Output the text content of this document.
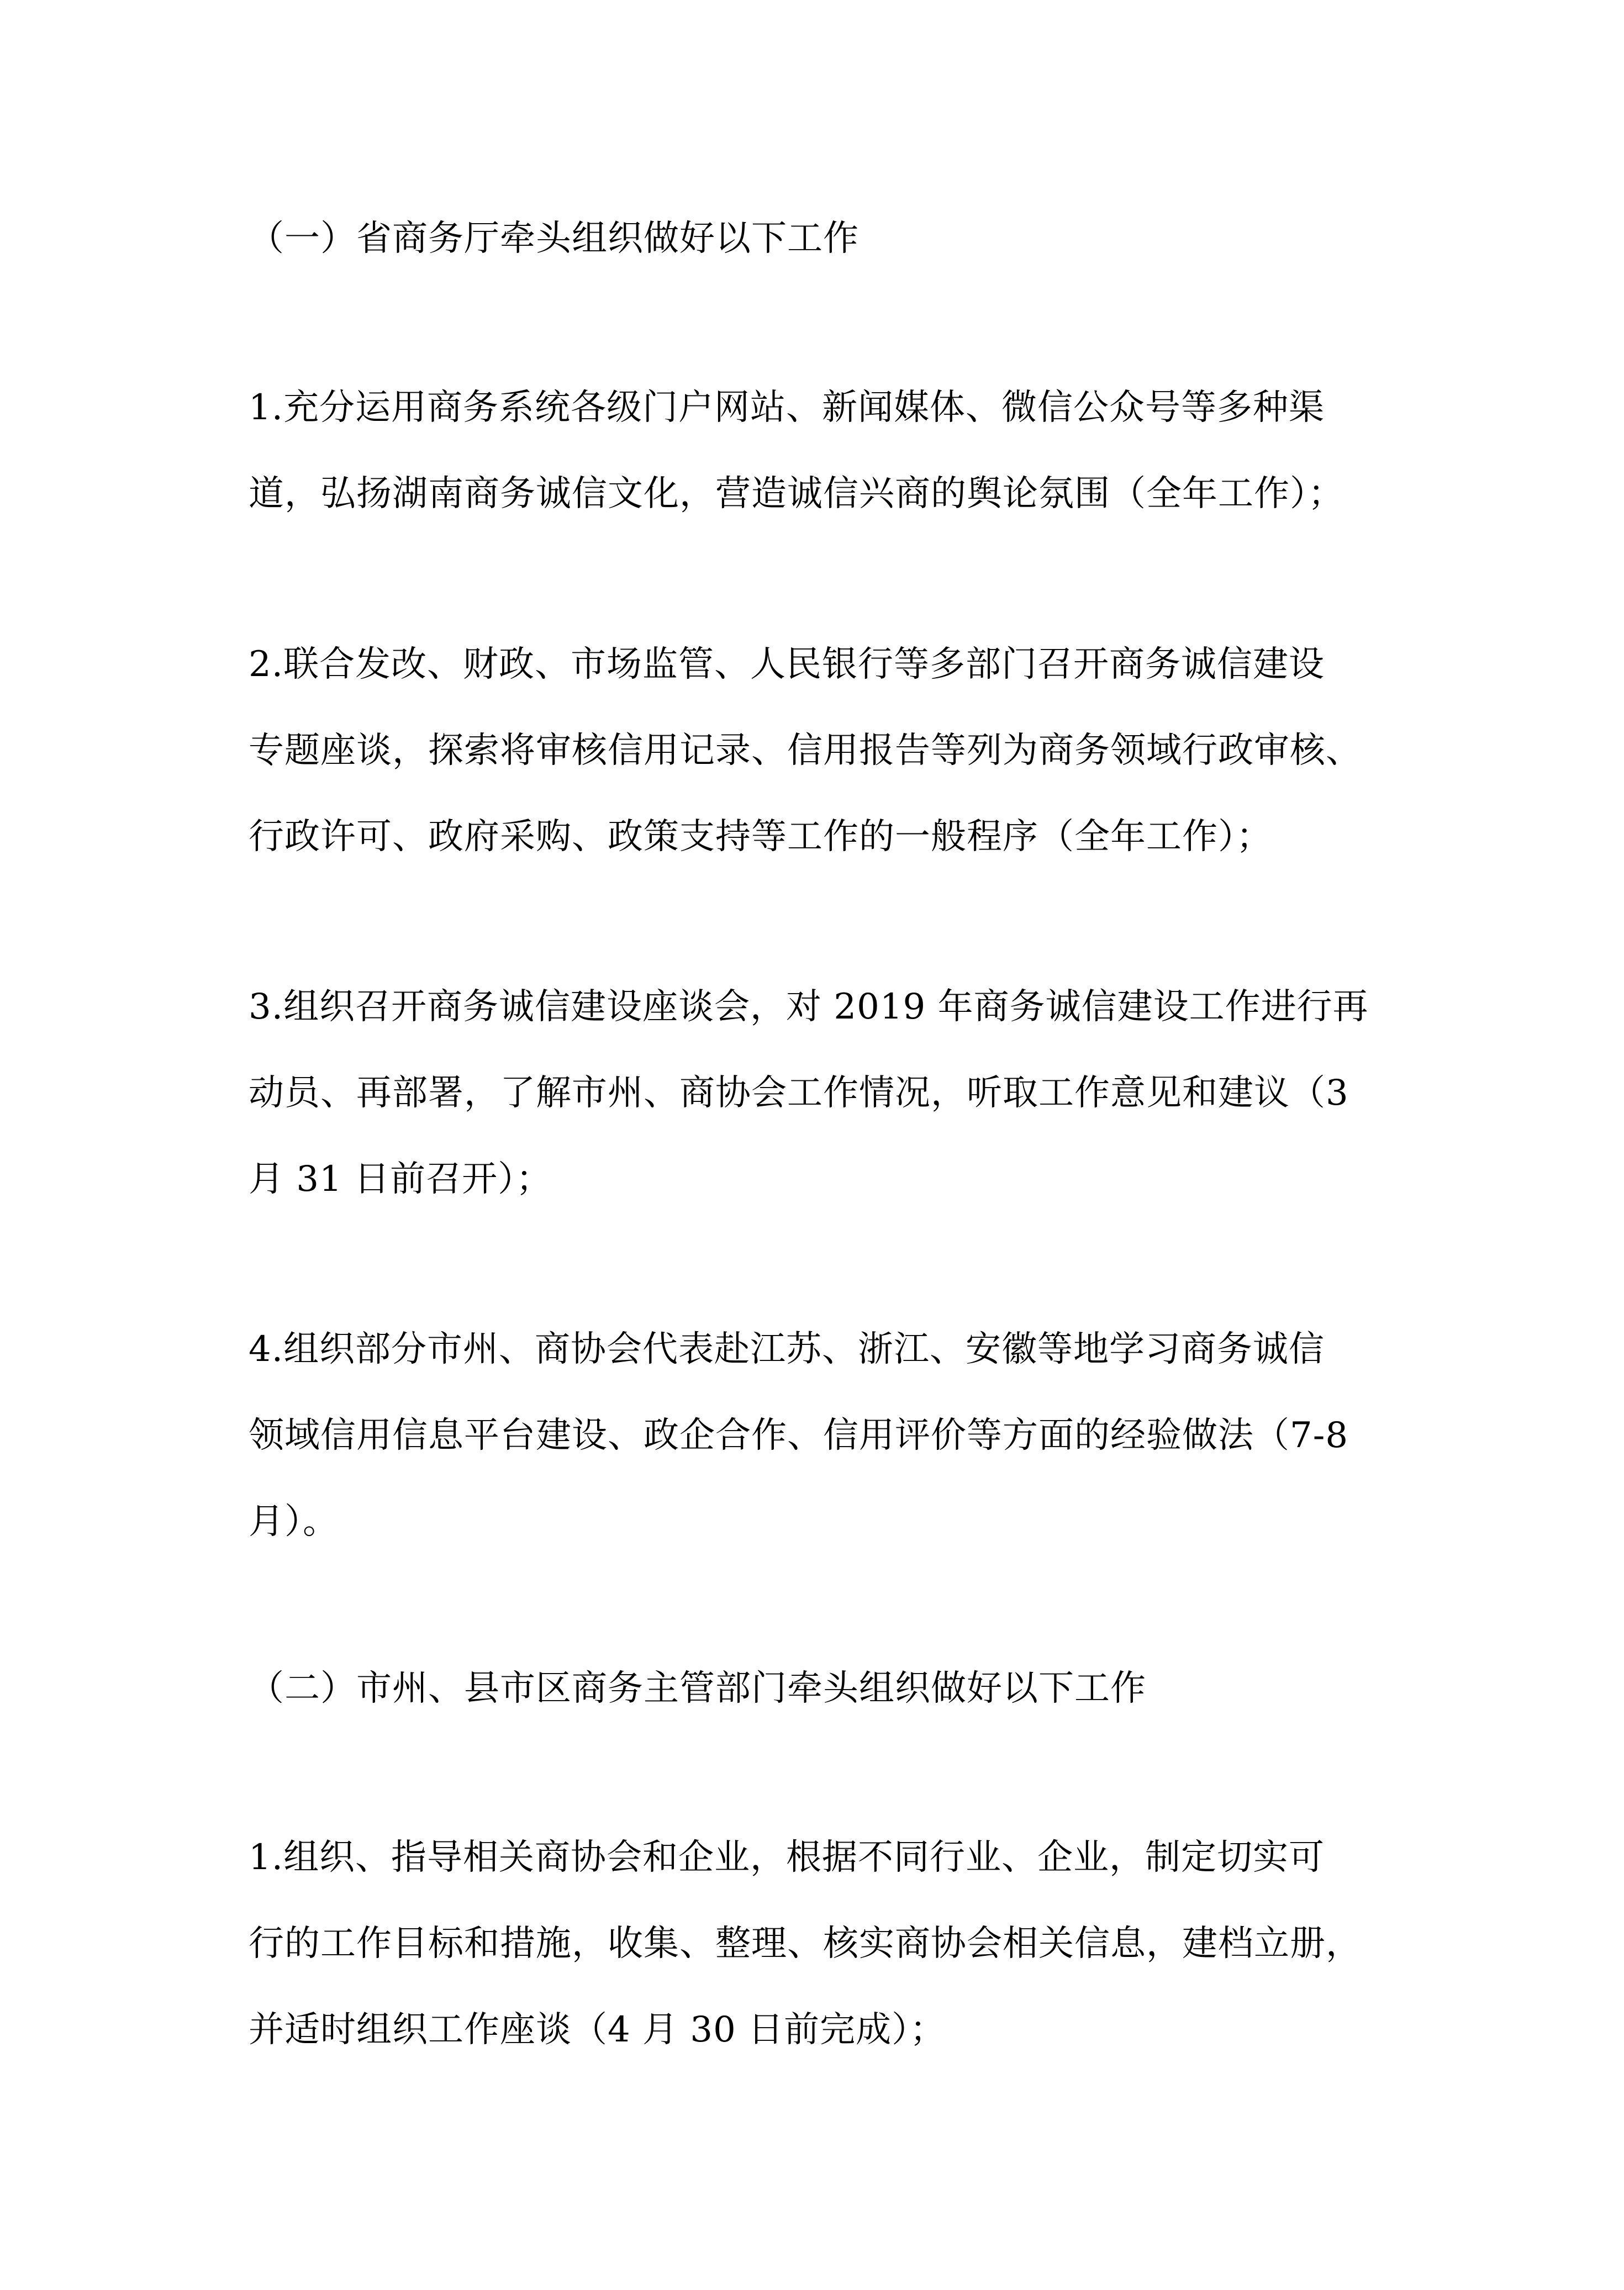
（一）省商务厅牵头组织做好以下工作
1.充分运用商务系统各级门户网站、新闻媒体、微信公众号等多种渠
道，弘扬湖南商务诚信文化，营造诚信兴商的舆论氛围（全年工作）；
2.联合发改、财政、市场监管、人民银行等多部门召开商务诚信建设
专题座谈，探索将审核信用记录、信用报告等列为商务领域行政审核、
行政许可、政府采购、政策支持等工作的一般程序（全年工作）；
3.组织召开商务诚信建设座谈会，对 2019 年商务诚信建设工作进行再
动员、再部署，了解市州、商协会工作情况，听取工作意见和建议（3
月 31 日前召开）；
4.组织部分市州、商协会代表赴江苏、浙江、安徽等地学习商务诚信
领域信用信息平台建设、政企合作、信用评价等方面的经验做法（7-8
月）。
（二）市州、县市区商务主管部门牵头组织做好以下工作
1.组织、指导相关商协会和企业，根据不同行业、企业，制定切实可
行的工作目标和措施，收集、整理、核实商协会相关信息，建档立册，
并适时组织工作座谈（4 月 30 日前完成）；
